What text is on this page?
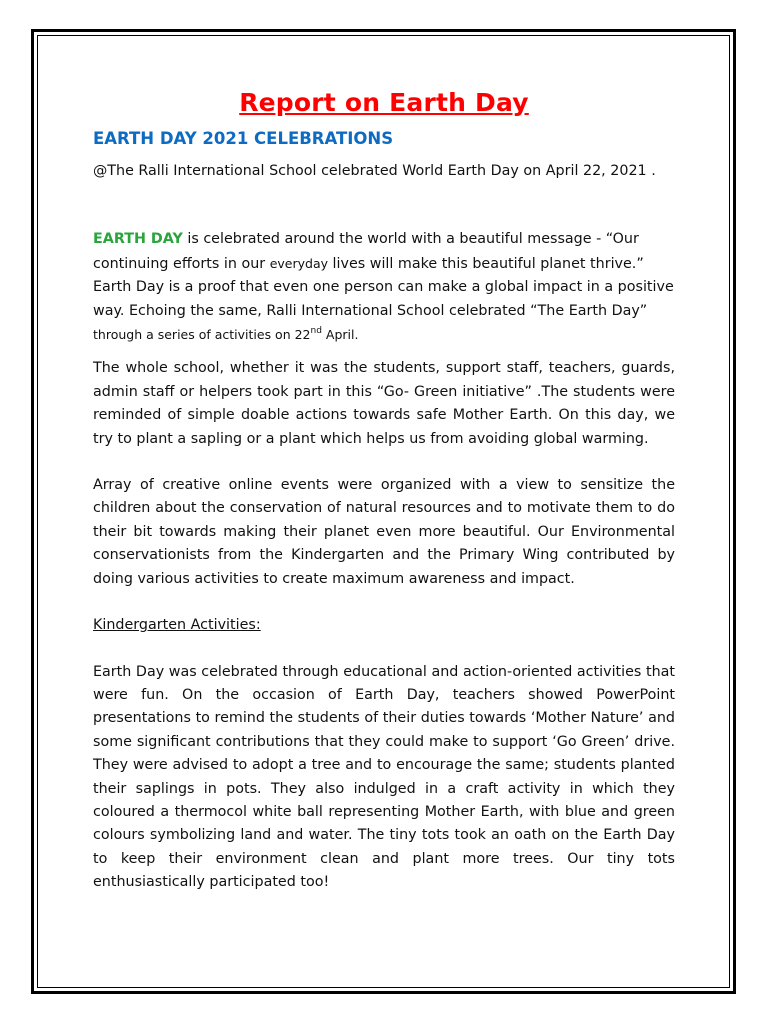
Report on Earth Day
EARTH DAY 2021 CELEBRATIONS

@The Ralli International School celebrated World Earth Day on April 22, 2021 .

EARTH DAY is celebrated around the world with a beautiful message - “Our continuing efforts in our everyday lives will make this beautiful planet thrive.” Earth Day is a proof that even one person can make a global impact in a positive way. Echoing the same, Ralli International School celebrated “The Earth Day”
through a series of activities on 22nd April.

The whole school, whether it was the students, support staff, teachers, guards, admin staff or helpers took part in this “Go- Green initiative” .The students were reminded of simple doable actions towards safe Mother Earth. On this day, we try to plant a sapling or a plant which helps us from avoiding global warming.

Array of creative online events were organized with a view to sensitize the children about the conservation of natural resources and to motivate them to do their bit towards making their planet even more beautiful. Our Environmental conservationists from the Kindergarten and the Primary Wing contributed by doing various activities to create maximum awareness and impact.

Kindergarten Activities:

Earth Day was celebrated through educational and action-oriented activities that were fun. On the occasion of Earth Day, teachers showed PowerPoint presentations to remind the students of their duties towards ‘Mother Nature’ and some significant contributions that they could make to support ‘Go Green’ drive. They were advised to adopt a tree and to encourage the same; students planted their saplings in pots. They also indulged in a craft activity in which they coloured a thermocol white ball representing Mother Earth, with blue and green colours symbolizing land and water. The tiny tots took an oath on the Earth Day to keep their environment clean and plant more trees. Our tiny tots enthusiastically participated too!
